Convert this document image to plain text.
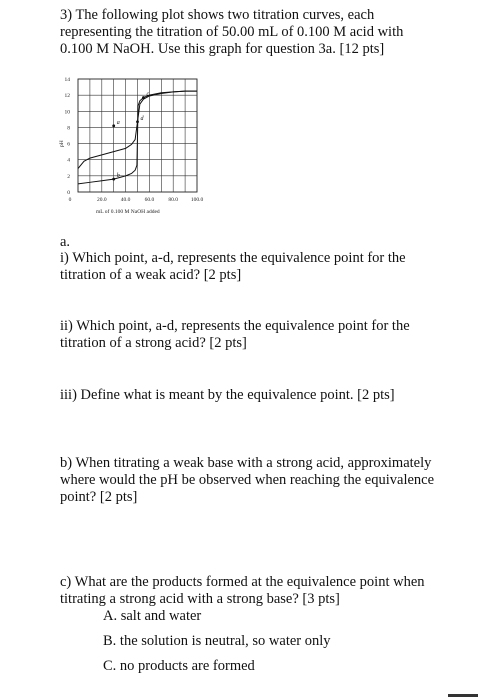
3) The following plot shows two titration curves, each
representing the titration of 50.00 mL of 0.100 M acid with
0.100 M NaOH. Use this graph for question 3a. [12 pts]
0
2
4
6
8
10
12
14
0	20.0	40.0	60.0	80.0 100.0
a
b
c
d
pH
mL of 0.100 M NaOH added
a.
i) Which point, a-d, represents the equivalence point for the
titration of a weak acid? [2 pts]
ii) Which point, a-d, represents the equivalence point for the
titration of a strong acid? [2 pts]
iii) Define what is meant by the equivalence point. [2 pts]
b) When titrating a weak base with a strong acid, approximately
where would the pH be observed when reaching the equivalence
point? [2 pts]
c) What are the products formed at the equivalence point when
titrating a strong acid with a strong base? [3 pts]
A. salt and water
B. the solution is neutral, so water only
C. no products are formed
